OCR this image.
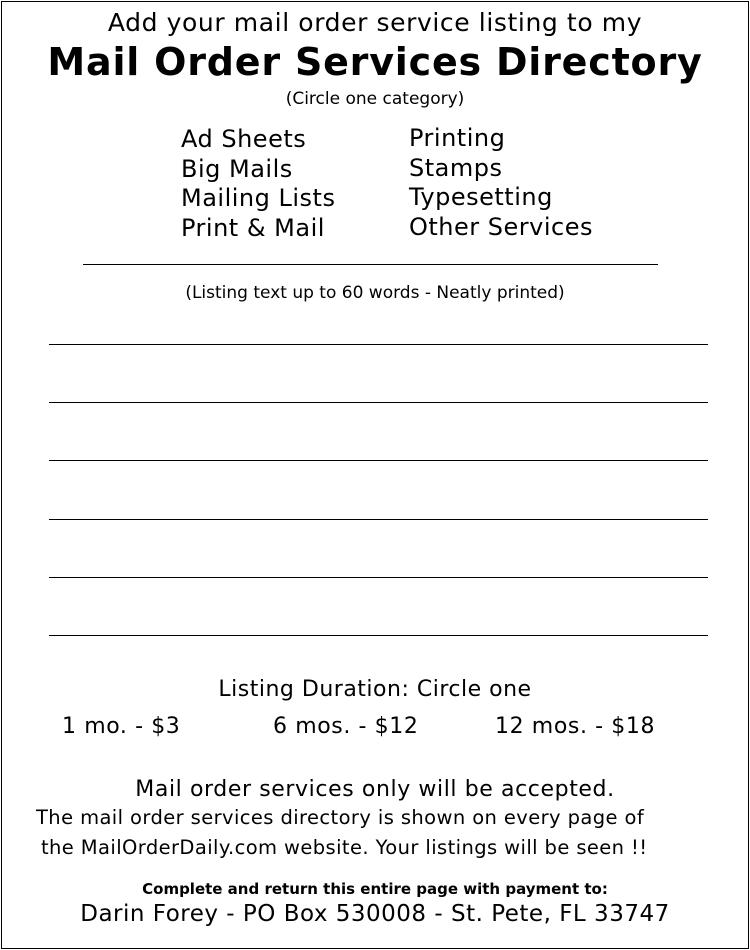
Add your mail order service listing to my
Mail Order Services Directory
(Circle one category)
Ad Sheets
Big Mails
Mailing Lists
Print & Mail
Printing
Stamps
Typesetting
Other Services
(Listing text up to 60 words - Neatly printed)
Listing Duration: Circle one
1 mo. - $3	6 mos. - $12	12 mos. - $18
Mail order services only will be accepted.
The mail order services directory is shown on every page of
the MailOrderDaily.com website. Your listings will be seen !!
Complete and return this entire page with payment to:
Darin Forey - PO Box 530008 - St. Pete, FL 33747
